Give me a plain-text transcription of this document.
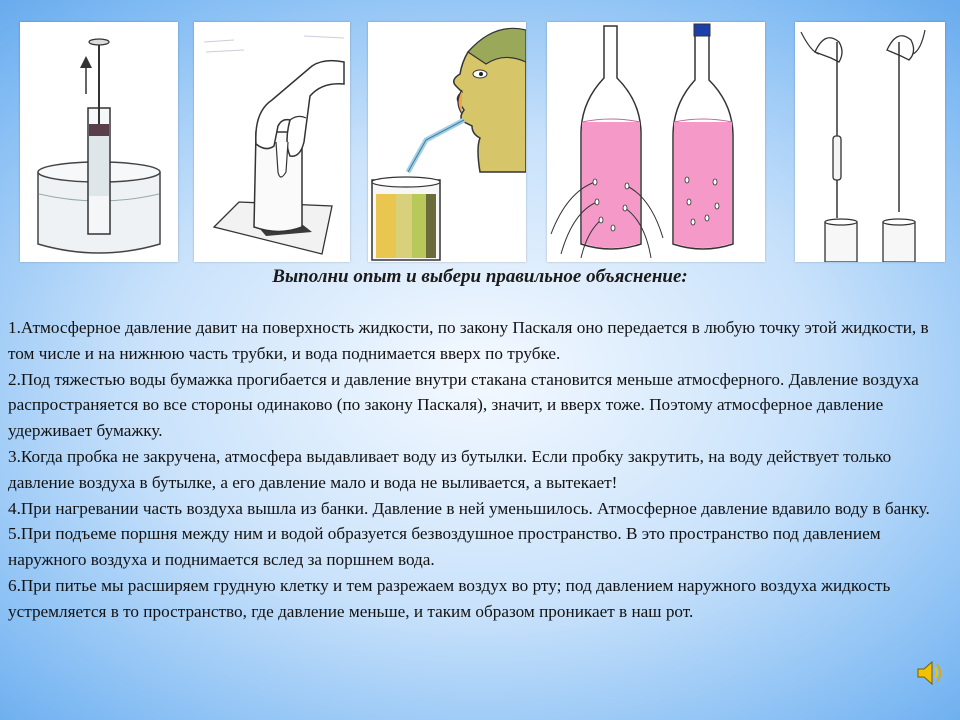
Выполни опыт и выбери правильное объяснение:

1.Атмосферное давление давит на поверхность жидкости, по закону Паскаля оно передается в любую точку этой жидкости, в том числе и на нижнюю часть трубки, и вода поднимается вверх по трубке.

2.Под тяжестью воды бумажка прогибается и давление внутри стакана становится меньше атмосферного. Давление воздуха распространяется во все стороны одинаково (по закону Паскаля), значит, и вверх тоже. Поэтому атмосферное давление удерживает бумажку.

3.Когда пробка не закручена, атмосфера выдавливает воду из бутылки. Если пробку закрутить, на воду действует только давление воздуха в бутылке, а его давление мало и вода не выливается, а вытекает!

4.При нагревании часть воздуха вышла из банки. Давление в ней уменьшилось. Атмосферное давление вдавило воду в банку.

5.При подъеме поршня между ним и водой образуется безвоздушное пространство. В это пространство под давлением наружного воздуха и поднимается вслед за поршнем вода.

6.При питье мы расширяем грудную клетку и тем разрежаем воздух во рту; под давлением наружного воздуха жидкость устремляется в то пространство, где давление меньше, и таким образом проникает в наш рот.
